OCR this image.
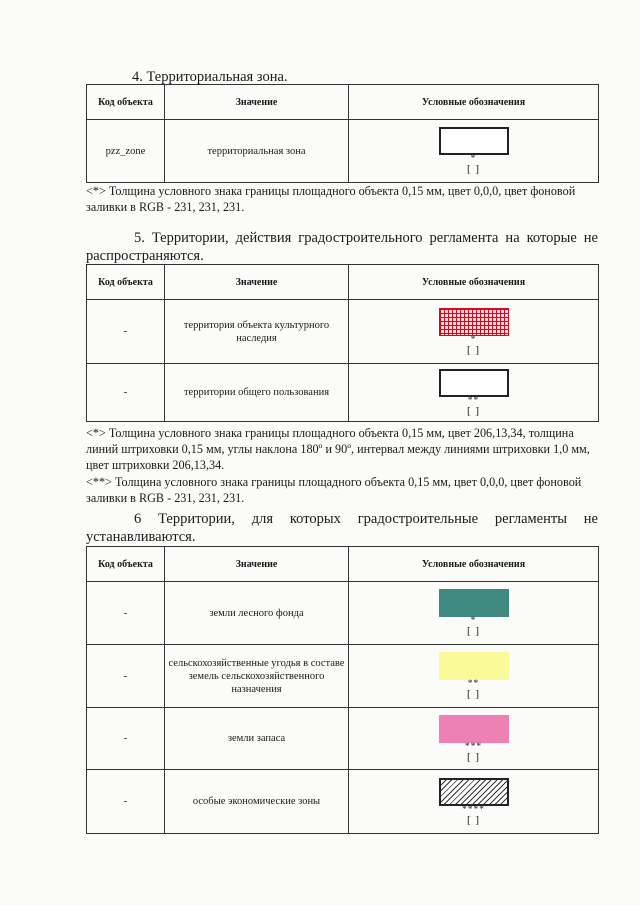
4. Территориальная зона.
Код объекта	Значение	Условные обозначения
pzz_zone	территориальная зона	*
[ ]
<*> Толщина условного знака границы площадного объекта 0,15 мм, цвет 0,0,0, цвет фоновой заливки в RGB - 231, 231, 231.
5. Территории, действия градостроительного регламента на которые не распространяются.
Код объекта	Значение	Условные обозначения
-	территория объекта культурного наследия	*
[ ]

-	территории общего пользования	**
[ ]
<*> Толщина условного знака границы площадного объекта 0,15 мм, цвет 206,13,34, толщина линий штриховки 0,15 мм, углы наклона 180º и 90º, интервал между линиями штриховки 1,0 мм, цвет штриховки 206,13,34.
<**> Толщина условного знака границы площадного объекта 0,15 мм, цвет 0,0,0, цвет фоновой заливки в RGB - 231, 231, 231.
6 Территории, для которых градостроительные регламенты не устанавливаются.
Код объекта	Значение	Условные обозначения
-	земли лесного фонда	*
[ ]

-	сельскохозяйственные угодья в составе земель сельскохозяйственного назначения	**
[ ]

-	земли запаса	***
[ ]

-	особые экономические зоны	****
[ ]
